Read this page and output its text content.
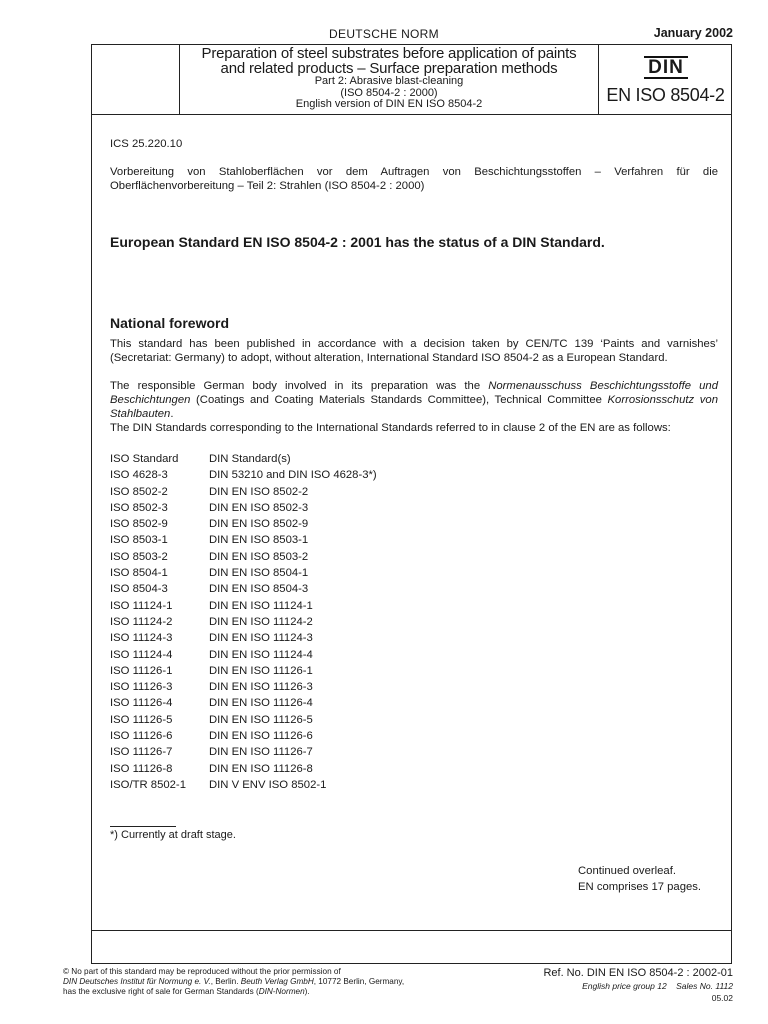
DEUTSCHE NORM	January 2002
Preparation of steel substrates before application of paints
and related products – Surface preparation methods
Part 2: Abrasive blast-cleaning
(ISO 8504-2 : 2000)
English version of DIN EN ISO 8504-2
DIN
EN ISO 8504-2
ICS 25.220.10
Vorbereitung von Stahloberflächen vor dem Auftragen von Beschichtungsstoffen – Verfahren für die Oberflächenvorbereitung – Teil 2: Strahlen (ISO 8504-2 : 2000)
European Standard EN ISO 8504-2 : 2001 has the status of a DIN Standard.
National foreword
This standard has been published in accordance with a decision taken by CEN/TC 139 ‘Paints and varnishes’ (Secretariat: Germany) to adopt, without alteration, International Standard ISO 8504-2 as a European Standard.
The responsible German body involved in its preparation was the Normenausschuss Beschichtungsstoffe und Beschichtungen (Coatings and Coating Materials Standards Committee), Technical Committee Korrosionsschutz von Stahlbauten.
The DIN Standards corresponding to the International Standards referred to in clause 2 of the EN are as follows:
ISO Standard	DIN Standard(s)
ISO 4628-3	DIN 53210 and DIN ISO 4628-3*)
ISO 8502-2	DIN EN ISO 8502-2
ISO 8502-3	DIN EN ISO 8502-3
ISO 8502-9	DIN EN ISO 8502-9
ISO 8503-1	DIN EN ISO 8503-1
ISO 8503-2	DIN EN ISO 8503-2
ISO 8504-1	DIN EN ISO 8504-1
ISO 8504-3	DIN EN ISO 8504-3
ISO 11124-1	DIN EN ISO 11124-1
ISO 11124-2	DIN EN ISO 11124-2
ISO 11124-3	DIN EN ISO 11124-3
ISO 11124-4	DIN EN ISO 11124-4
ISO 11126-1	DIN EN ISO 11126-1
ISO 11126-3	DIN EN ISO 11126-3
ISO 11126-4	DIN EN ISO 11126-4
ISO 11126-5	DIN EN ISO 11126-5
ISO 11126-6	DIN EN ISO 11126-6
ISO 11126-7	DIN EN ISO 11126-7
ISO 11126-8	DIN EN ISO 11126-8
ISO/TR 8502-1	DIN V ENV ISO 8502-1
*) Currently at draft stage.
Continued overleaf.
EN comprises 17 pages.
© No part of this standard may be reproduced without the prior permission of
DIN Deutsches Institut für Normung e. V., Berlin. Beuth Verlag GmbH, 10772 Berlin, Germany,
has the exclusive right of sale for German Standards (DIN-Normen).
Ref. No. DIN EN ISO 8504-2 : 2002-01
English price group 12    Sales No. 1112
05.02
